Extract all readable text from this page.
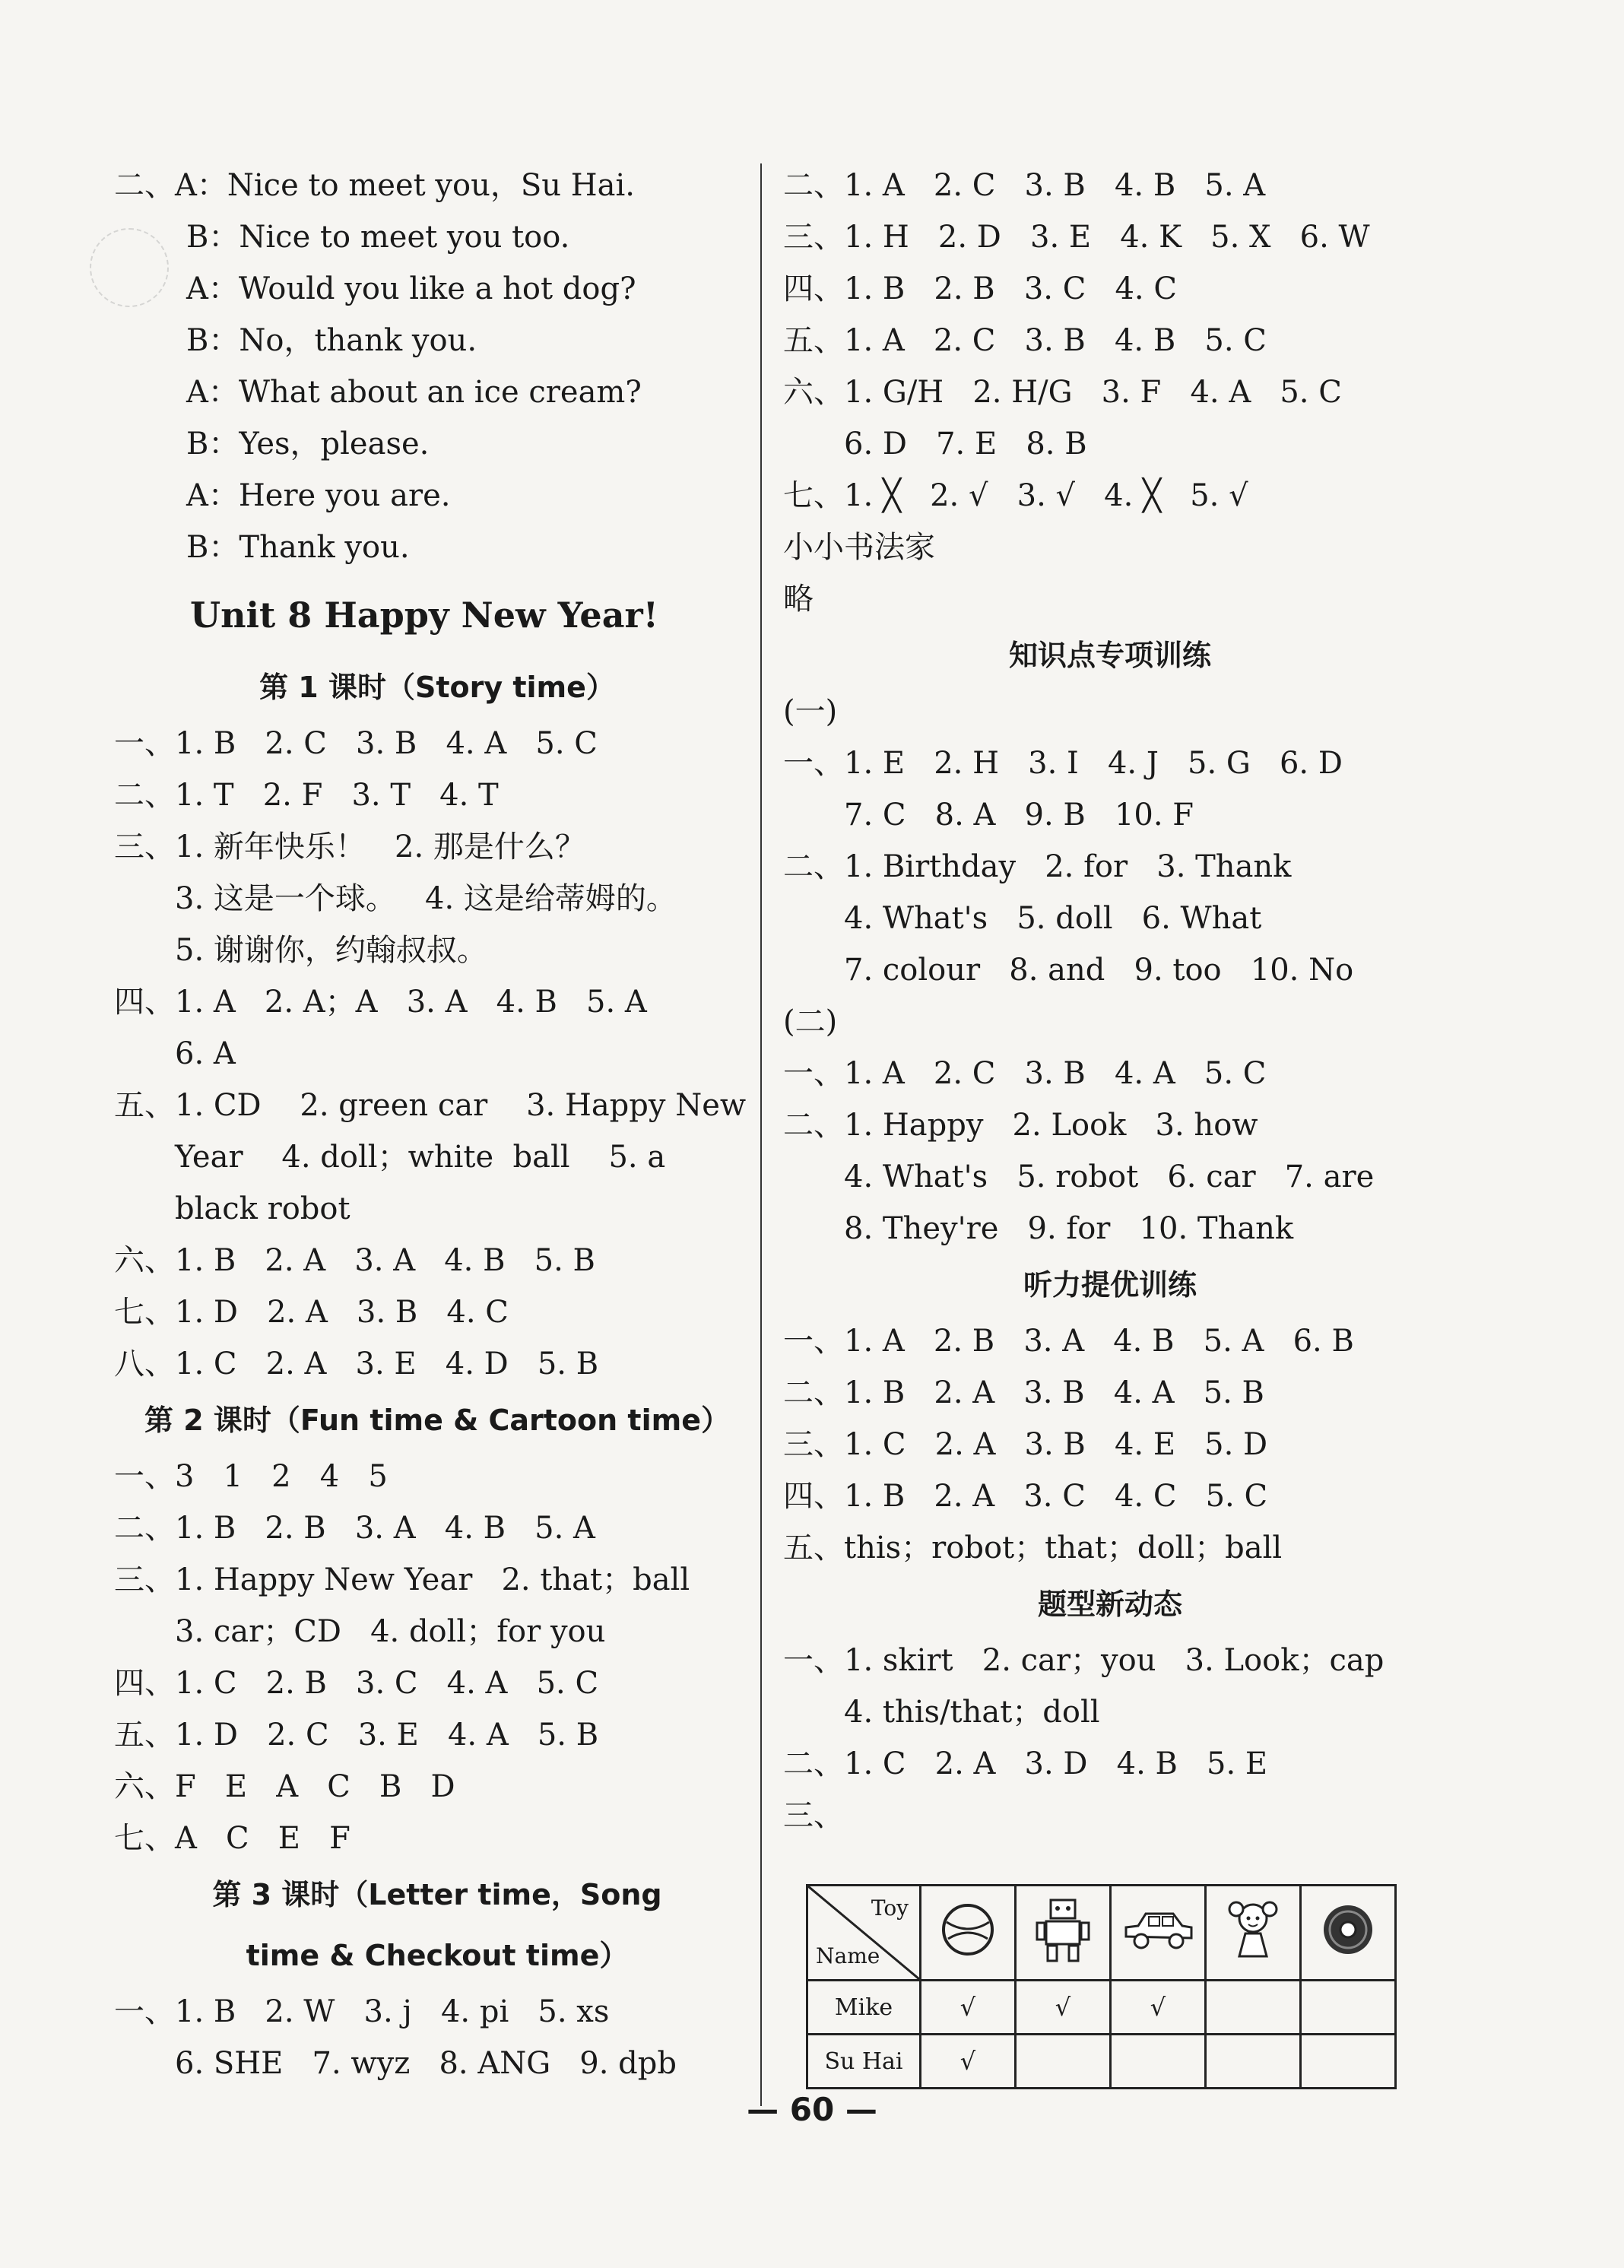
二、A：Nice to meet you，Su Hai.
B：Nice to meet you too.
A：Would you like a hot dog?
B：No，thank you.
A：What about an ice cream?
B：Yes，please.
A：Here you are.
B：Thank you.
Unit 8 Happy New Year!
第 1 课时（Story time）
一、1. B   2. C   3. B   4. A   5. C
二、1. T   2. F   3. T   4. T
三、1. 新年快乐！   2. 那是什么？
3. 这是一个球。   4. 这是给蒂姆的。
5. 谢谢你，约翰叔叔。
四、1. A   2. A；A   3. A   4. B   5. A
6. A
五、1. CD    2. green car    3. Happy New
Year    4. doll；white  ball    5. a
black robot
六、1. B   2. A   3. A   4. B   5. B
七、1. D   2. A   3. B   4. C
八、1. C   2. A   3. E   4. D   5. B
第 2 课时（Fun time & Cartoon time）
一、3   1   2   4   5
二、1. B   2. B   3. A   4. B   5. A
三、1. Happy New Year   2. that；ball
3. car；CD   4. doll；for you
四、1. C   2. B   3. C   4. A   5. C
五、1. D   2. C   3. E   4. A   5. B
六、F   E   A   C   B   D
七、A   C   E   F
第 3 课时（Letter time，Song
time & Checkout time）
一、1. B   2. W   3. j   4. pi   5. xs
6. SHE   7. wyz   8. ANG   9. dpb
二、1. A   2. C   3. B   4. B   5. A
三、1. H   2. D   3. E   4. K   5. X   6. W
四、1. B   2. B   3. C   4. C
五、1. A   2. C   3. B   4. B   5. C
六、1. G/H   2. H/G   3. F   4. A   5. C
6. D   7. E   8. B
七、1. ╳   2. √   3. √   4. ╳   5. √
小小书法家
略
知识点专项训练
(一)
一、1. E   2. H   3. I   4. J   5. G   6. D
7. C   8. A   9. B   10. F
二、1. Birthday   2. for   3. Thank
4. What's   5. doll   6. What
7. colour   8. and   9. too   10. No
(二)
一、1. A   2. C   3. B   4. A   5. C
二、1. Happy   2. Look   3. how
4. What's   5. robot   6. car   7. are
8. They're   9. for   10. Thank
听力提优训练
一、1. A   2. B   3. A   4. B   5. A   6. B
二、1. B   2. A   3. B   4. A   5. B
三、1. C   2. A   3. B   4. E   5. D
四、1. B   2. A   3. C   4. C   5. C
五、this；robot；that；doll；ball
题型新动态
一、1. skirt   2. car；you   3. Look；cap
4. this/that；doll
二、1. C   2. A   3. D   4. B   5. E
三、
Toy
Name

Mike	√	√	√		
Su Hai	√				
— 60 —
